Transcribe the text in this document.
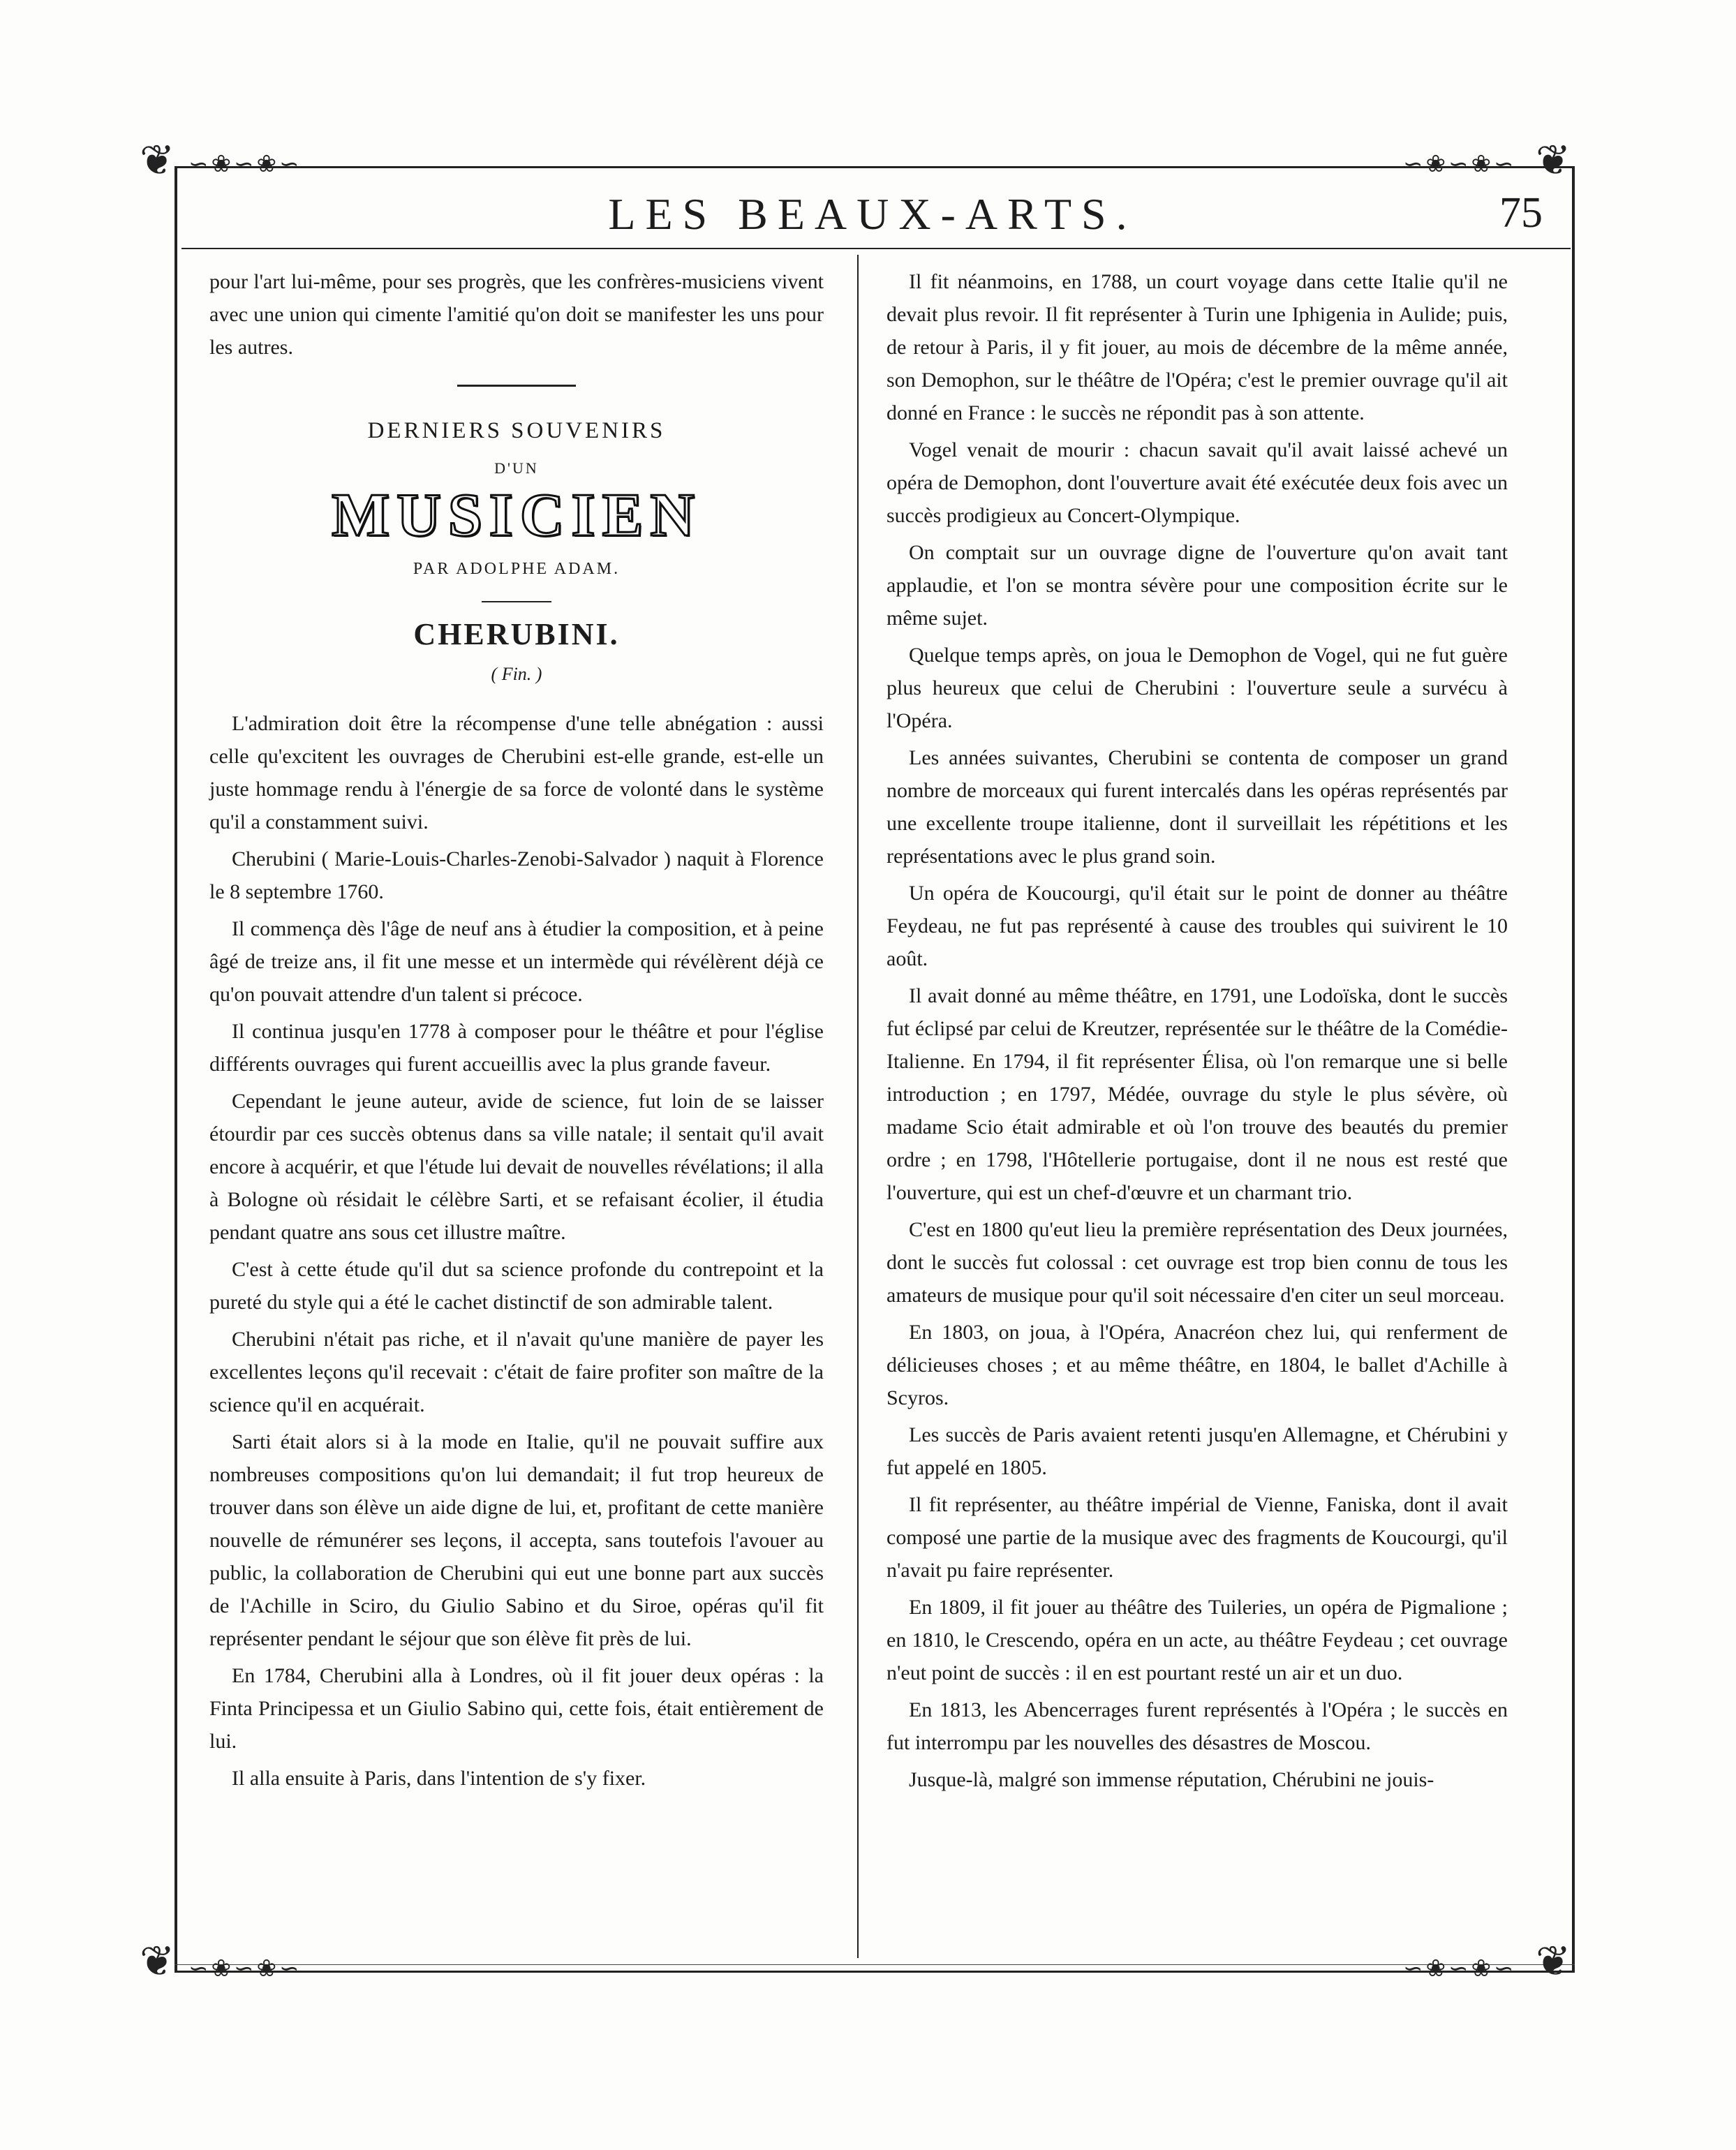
❦	❦
❦	❦
∽❀∽❀∽	∽❀∽❀∽
∽❀∽❀∽	∽❀∽❀∽
LES BEAUX-ARTS.	75

pour l'art lui-même, pour ses progrès, que les confrères-musiciens vivent avec une union qui cimente l'amitié qu'on doit se manifester les uns pour les autres.

DERNIERS SOUVENIRS
D'UN
MUSICIEN
PAR ADOLPHE ADAM.
CHERUBINI.
( Fin. )

L'admiration doit être la récompense d'une telle abnégation : aussi celle qu'excitent les ouvrages de Cherubini est-elle grande, est-elle un juste hommage rendu à l'énergie de sa force de volonté dans le système qu'il a constamment suivi.

Cherubini ( Marie-Louis-Charles-Zenobi-Salvador ) naquit à Florence le 8 septembre 1760.

Il commença dès l'âge de neuf ans à étudier la composition, et à peine âgé de treize ans, il fit une messe et un intermède qui révélèrent déjà ce qu'on pouvait attendre d'un talent si précoce.

Il continua jusqu'en 1778 à composer pour le théâtre et pour l'église différents ouvrages qui furent accueillis avec la plus grande faveur.

Cependant le jeune auteur, avide de science, fut loin de se laisser étourdir par ces succès obtenus dans sa ville natale; il sentait qu'il avait encore à acquérir, et que l'étude lui devait de nouvelles révélations; il alla à Bologne où résidait le célèbre Sarti, et se refaisant écolier, il étudia pendant quatre ans sous cet illustre maître.

C'est à cette étude qu'il dut sa science profonde du contrepoint et la pureté du style qui a été le cachet distinctif de son admirable talent.

Cherubini n'était pas riche, et il n'avait qu'une manière de payer les excellentes leçons qu'il recevait : c'était de faire profiter son maître de la science qu'il en acquérait.

Sarti était alors si à la mode en Italie, qu'il ne pouvait suffire aux nombreuses compositions qu'on lui demandait; il fut trop heureux de trouver dans son élève un aide digne de lui, et, profitant de cette manière nouvelle de rémunérer ses leçons, il accepta, sans toutefois l'avouer au public, la collaboration de Cherubini qui eut une bonne part aux succès de l'Achille in Sciro, du Giulio Sabino et du Siroe, opéras qu'il fit représenter pendant le séjour que son élève fit près de lui.

En 1784, Cherubini alla à Londres, où il fit jouer deux opéras : la Finta Principessa et un Giulio Sabino qui, cette fois, était entièrement de lui.

Il alla ensuite à Paris, dans l'intention de s'y fixer.

Il fit néanmoins, en 1788, un court voyage dans cette Italie qu'il ne devait plus revoir. Il fit représenter à Turin une Iphigenia in Aulide; puis, de retour à Paris, il y fit jouer, au mois de décembre de la même année, son Demophon, sur le théâtre de l'Opéra; c'est le premier ouvrage qu'il ait donné en France : le succès ne répondit pas à son attente.

Vogel venait de mourir : chacun savait qu'il avait laissé achevé un opéra de Demophon, dont l'ouverture avait été exécutée deux fois avec un succès prodigieux au Concert-Olympique.

On comptait sur un ouvrage digne de l'ouverture qu'on avait tant applaudie, et l'on se montra sévère pour une composition écrite sur le même sujet.

Quelque temps après, on joua le Demophon de Vogel, qui ne fut guère plus heureux que celui de Cherubini : l'ouverture seule a survécu à l'Opéra.

Les années suivantes, Cherubini se contenta de composer un grand nombre de morceaux qui furent intercalés dans les opéras représentés par une excellente troupe italienne, dont il surveillait les répétitions et les représentations avec le plus grand soin.

Un opéra de Koucourgi, qu'il était sur le point de donner au théâtre Feydeau, ne fut pas représenté à cause des troubles qui suivirent le 10 août.

Il avait donné au même théâtre, en 1791, une Lodoïska, dont le succès fut éclipsé par celui de Kreutzer, représentée sur le théâtre de la Comédie-Italienne. En 1794, il fit représenter Élisa, où l'on remarque une si belle introduction ; en 1797, Médée, ouvrage du style le plus sévère, où madame Scio était admirable et où l'on trouve des beautés du premier ordre ; en 1798, l'Hôtellerie portugaise, dont il ne nous est resté que l'ouverture, qui est un chef-d'œuvre et un charmant trio.

C'est en 1800 qu'eut lieu la première représentation des Deux journées, dont le succès fut colossal : cet ouvrage est trop bien connu de tous les amateurs de musique pour qu'il soit nécessaire d'en citer un seul morceau.

En 1803, on joua, à l'Opéra, Anacréon chez lui, qui renferment de délicieuses choses ; et au même théâtre, en 1804, le ballet d'Achille à Scyros.

Les succès de Paris avaient retenti jusqu'en Allemagne, et Chérubini y fut appelé en 1805.

Il fit représenter, au théâtre impérial de Vienne, Faniska, dont il avait composé une partie de la musique avec des fragments de Koucourgi, qu'il n'avait pu faire représenter.

En 1809, il fit jouer au théâtre des Tuileries, un opéra de Pigmalione ; en 1810, le Crescendo, opéra en un acte, au théâtre Feydeau ; cet ouvrage n'eut point de succès : il en est pourtant resté un air et un duo.

En 1813, les Abencerrages furent représentés à l'Opéra ; le succès en fut interrompu par les nouvelles des désastres de Moscou.

Jusque-là, malgré son immense réputation, Chérubini ne jouis-
